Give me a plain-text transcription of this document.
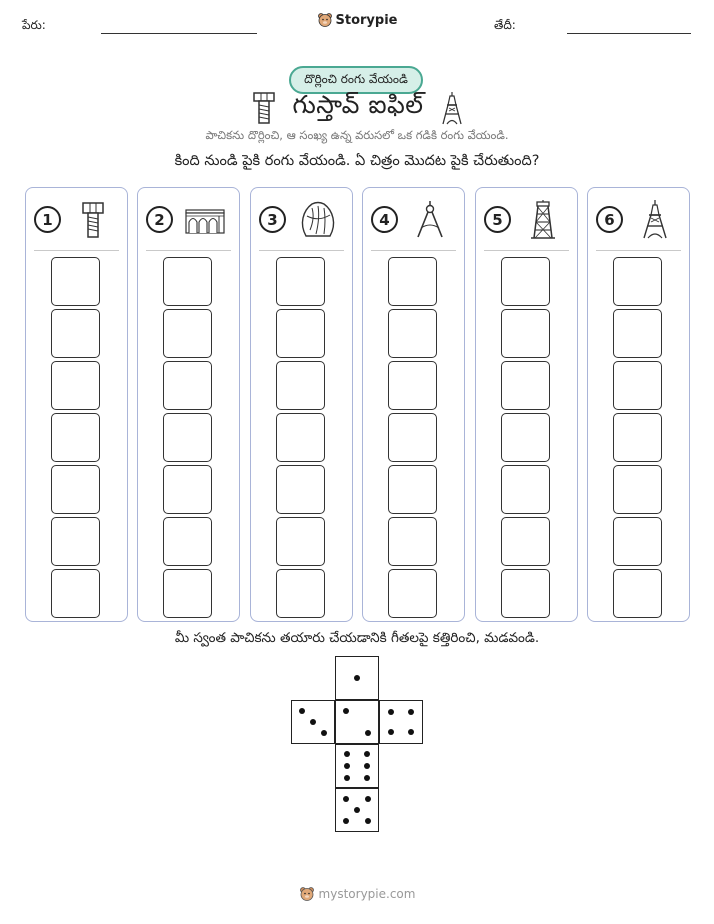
పేరు:	Storypie	తేదీ:
దొర్లించి రంగు వేయండి
గుస్తావ్ ఐఫిల్
పాచికను దొర్లించి, ఆ సంఖ్య ఉన్న వరుసలో ఒక గడికి రంగు వేయండి.
కింది నుండి పైకి రంగు వేయండి. ఏ చిత్రం మొదట పైకి చేరుతుంది?
1	2	3	4	5	6
మీ స్వంత పాచికను తయారు చేయడానికి గీతలపై కత్తిరించి, మడవండి.
mystorypie.com
